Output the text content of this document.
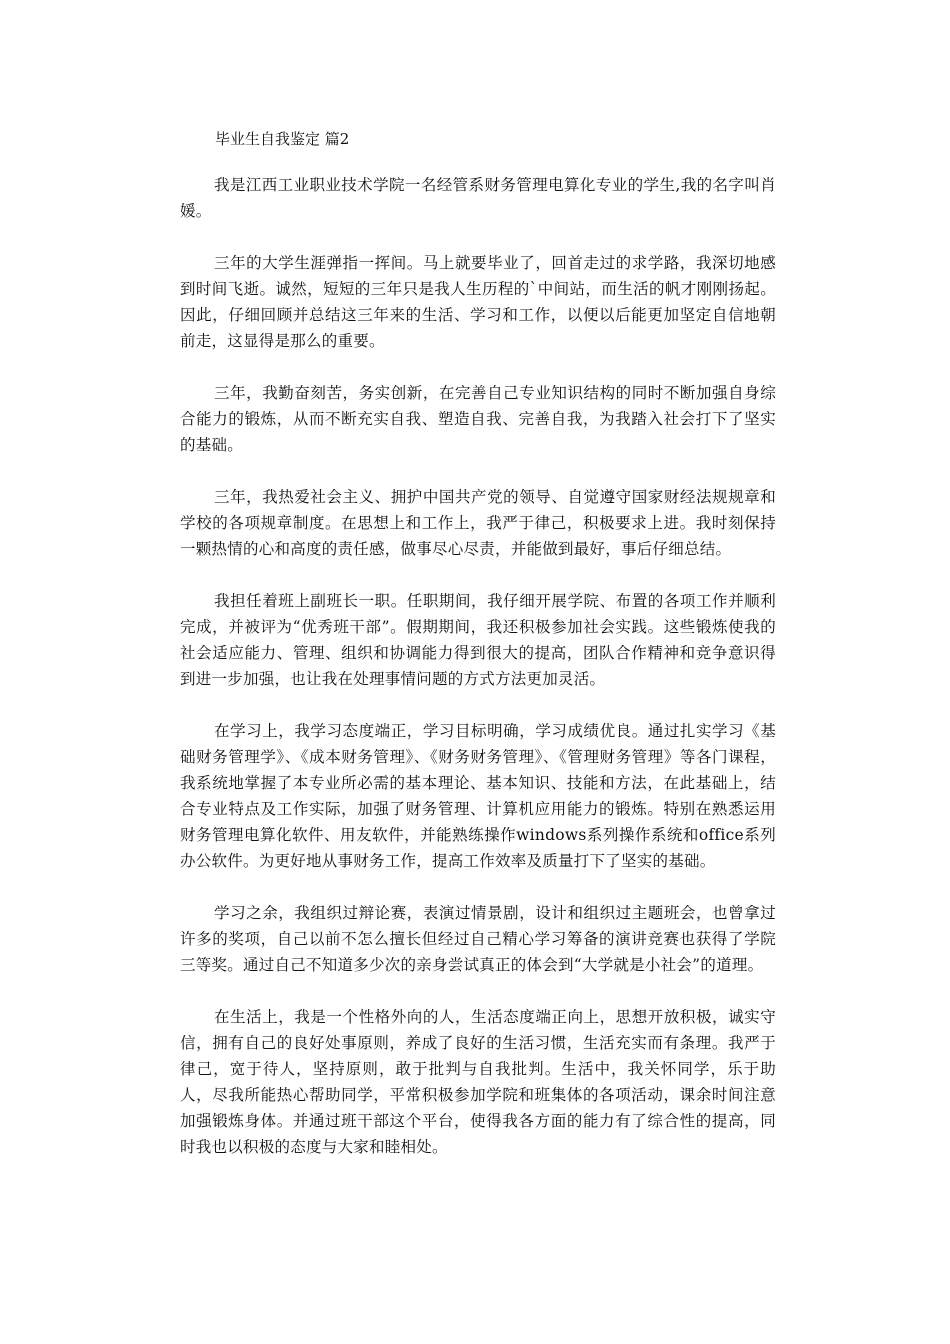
毕业生自我鉴定 篇2

我是江西工业职业技术学院一名经管系财务管理电算化专业的学生,我的名字叫肖媛。

三年的大学生涯弹指一挥间。马上就要毕业了，回首走过的求学路，我深切地感到时间飞逝。诚然，短短的三年只是我人生历程的`中间站，而生活的帆才刚刚扬起。因此，仔细回顾并总结这三年来的生活、学习和工作，以便以后能更加坚定自信地朝前走，这显得是那么的重要。

三年，我勤奋刻苦，务实创新，在完善自己专业知识结构的同时不断加强自身综合能力的锻炼，从而不断充实自我、塑造自我、完善自我，为我踏入社会打下了坚实的基础。

三年，我热爱社会主义、拥护中国共产党的领导、自觉遵守国家财经法规规章和学校的各项规章制度。在思想上和工作上，我严于律己，积极要求上进。我时刻保持一颗热情的心和高度的责任感，做事尽心尽责，并能做到最好，事后仔细总结。

我担任着班上副班长一职。任职期间，我仔细开展学院、布置的各项工作并顺利完成，并被评为“优秀班干部”。假期期间，我还积极参加社会实践。这些锻炼使我的社会适应能力、管理、组织和协调能力得到很大的提高，团队合作精神和竞争意识得到进一步加强，也让我在处理事情问题的方式方法更加灵活。

在学习上，我学习态度端正，学习目标明确，学习成绩优良。通过扎实学习《基础财务管理学》、《成本财务管理》、《财务财务管理》、《管理财务管理》等各门课程，我系统地掌握了本专业所必需的基本理论、基本知识、技能和方法，在此基础上，结合专业特点及工作实际，加强了财务管理、计算机应用能力的锻炼。特别在熟悉运用财务管理电算化软件、用友软件，并能熟练操作windows系列操作系统和office系列办公软件。为更好地从事财务工作，提高工作效率及质量打下了坚实的基础。

学习之余，我组织过辩论赛，表演过情景剧，设计和组织过主题班会，也曾拿过许多的奖项，自己以前不怎么擅长但经过自己精心学习筹备的演讲竞赛也获得了学院三等奖。通过自己不知道多少次的亲身尝试真正的体会到“大学就是小社会”的道理。

在生活上，我是一个性格外向的人，生活态度端正向上，思想开放积极，诚实守信，拥有自己的良好处事原则，养成了良好的生活习惯，生活充实而有条理。我严于律己，宽于待人，坚持原则，敢于批判与自我批判。生活中，我关怀同学，乐于助人，尽我所能热心帮助同学，平常积极参加学院和班集体的各项活动，课余时间注意加强锻炼身体。并通过班干部这个平台，使得我各方面的能力有了综合性的提高，同时我也以积极的态度与大家和睦相处。
